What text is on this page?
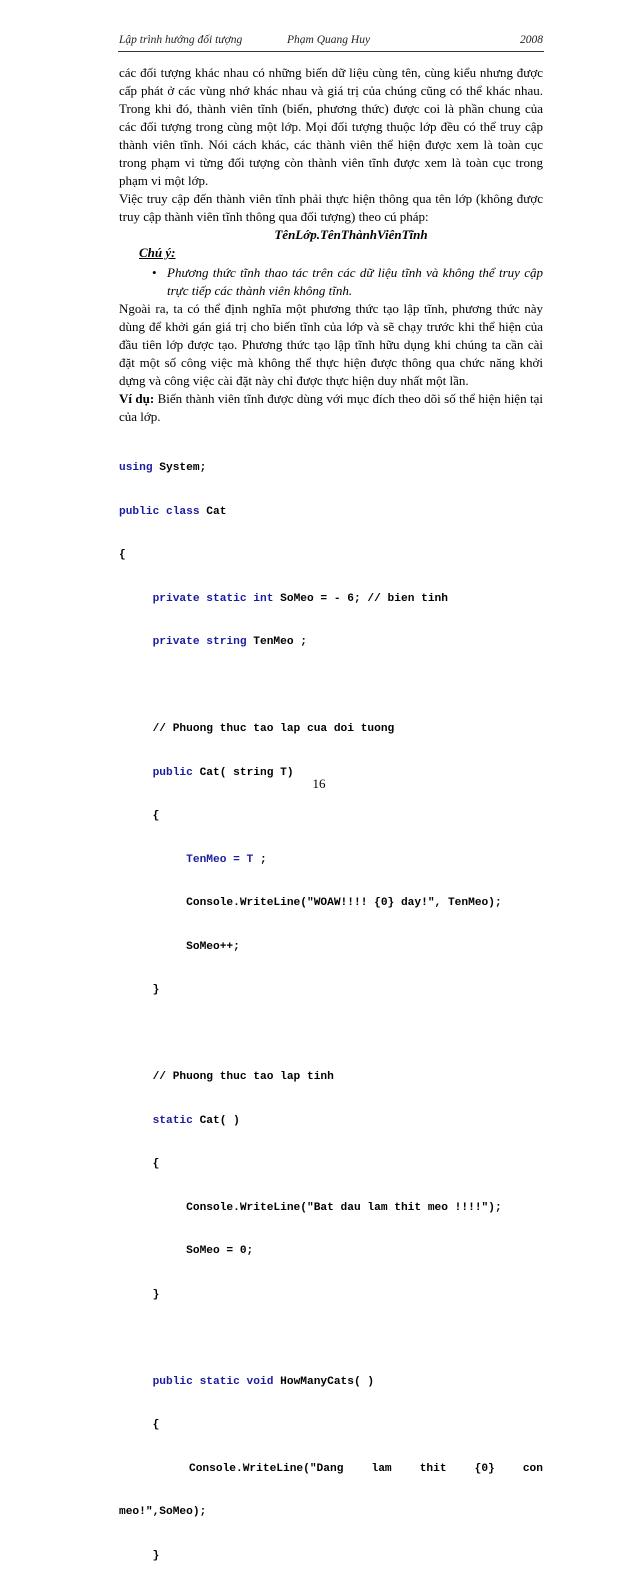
Lập trình hướng đối tượng	Phạm Quang Huy	2008

các đối tượng khác nhau có những biến dữ liệu cùng tên, cùng kiểu nhưng được cấp phát ở các vùng nhớ khác nhau và giá trị của chúng cũng có thể khác nhau. Trong khi đó, thành viên tĩnh (biến, phương thức) được coi là phần chung của các đối tượng trong cùng một lớp. Mọi đối tượng thuộc lớp đều có thể truy cập thành viên tĩnh. Nói cách khác, các thành viên thể hiện được xem là toàn cục trong phạm vi từng đối tượng còn thành viên tĩnh được xem là toàn cục trong phạm vi một lớp.

Việc truy cập đến thành viên tĩnh phải thực hiện thông qua tên lớp (không được truy cập thành viên tĩnh thông qua đối tượng) theo cú pháp:

TênLớp.TênThànhViênTĩnh

Chú ý:

• Phương thức tĩnh thao tác trên các dữ liệu tĩnh và không thể truy cập trực tiếp các thành viên không tĩnh.

Ngoài ra, ta có thể định nghĩa một phương thức tạo lập tĩnh, phương thức này dùng để khởi gán giá trị cho biến tĩnh của lớp và sẽ chạy trước khi thể hiện của đầu tiên lớp được tạo. Phương thức tạo lập tĩnh hữu dụng khi chúng ta cần cài đặt một số công việc mà không thể thực hiện được thông qua chức năng khởi dựng và công việc cài đặt này chỉ được thực hiện duy nhất một lần.

Ví dụ: Biến thành viên tĩnh được dùng với mục đích theo dõi số thể hiện hiện tại của lớp.

using System;

public class Cat

{

private static int SoMeo = - 6; // bien tinh

private string TenMeo ;

// Phuong thuc tao lap cua doi tuong

public Cat( string T)

{

TenMeo = T ;

Console.WriteLine("WOAW!!!! {0} day!", TenMeo);

SoMeo++;

}

// Phuong thuc tao lap tinh

static Cat( )

{

Console.WriteLine("Bat dau lam thit meo !!!!");

SoMeo = 0;

}

public static void HowManyCats( )

{

Console.WriteLine("Dang	lam	thit	{0}	con

meo!",SoMeo);

}

16
